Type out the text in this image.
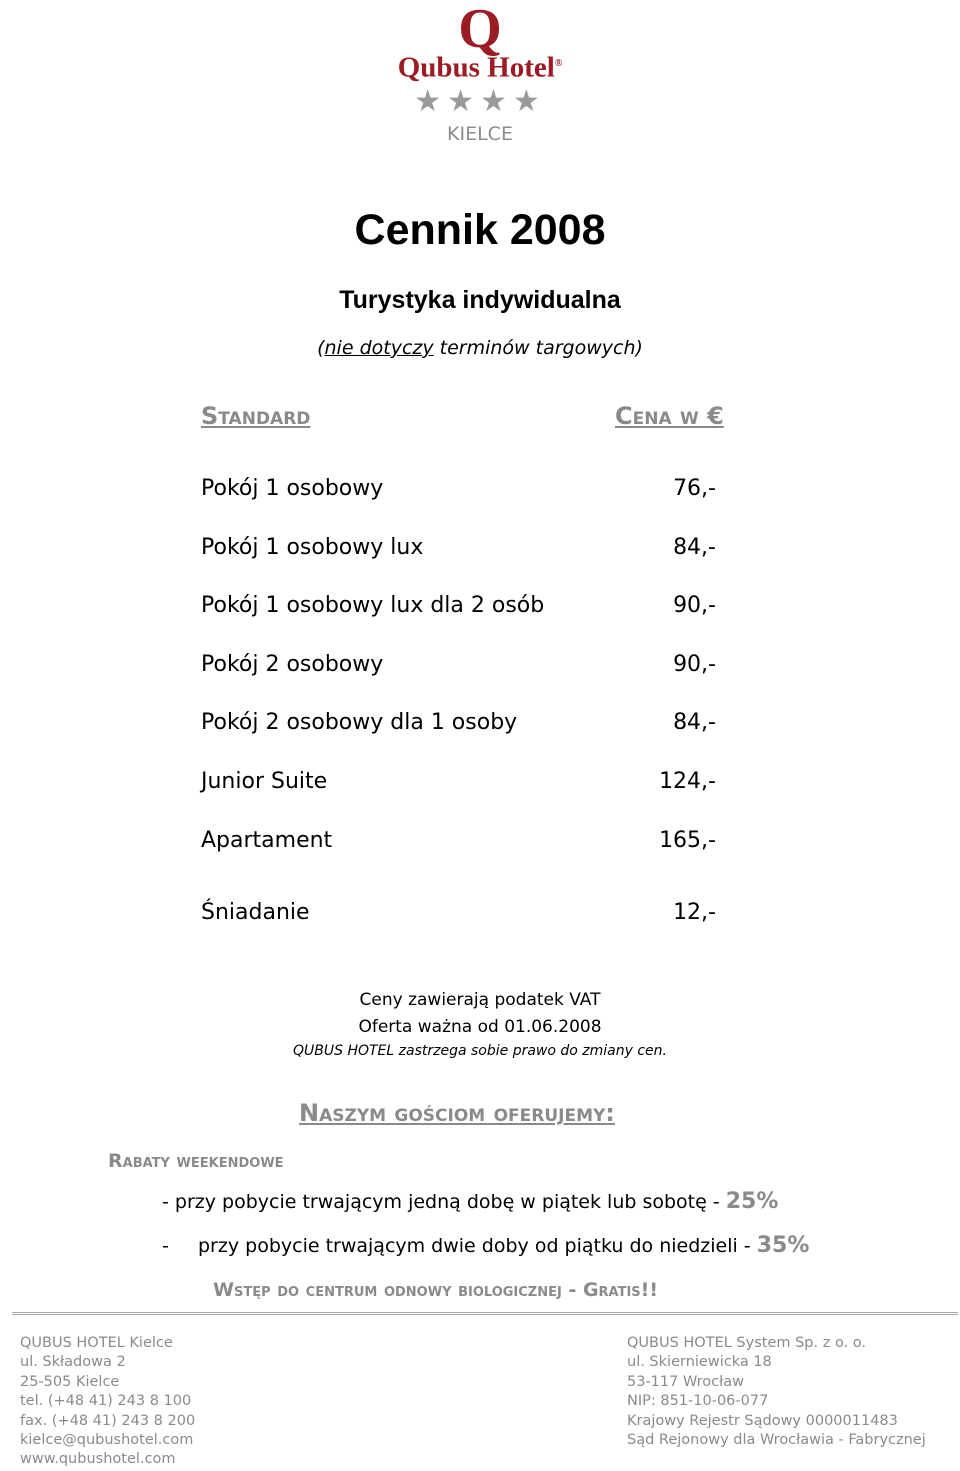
Q
Qubus Hotel®
★★★★
KIELCE
Cennik 2008
Turystyka indywidualna
(nie dotyczy terminów targowych)
Standard	Cena w €
Pokój 1 osobowy	76,-
Pokój 1 osobowy lux	84,-
Pokój 1 osobowy lux dla 2 osób	90,-
Pokój 2 osobowy	90,-
Pokój 2 osobowy dla 1 osoby	84,-
Junior Suite	124,-
Apartament	165,-
Śniadanie	12,-
Ceny zawierają podatek VAT
Oferta ważna od 01.06.2008
QUBUS HOTEL zastrzega sobie prawo do zmiany cen.
Naszym gościom oferujemy:
Rabaty weekendowe
- przy pobycie trwającym jedną dobę w piątek lub sobotę - 25%
- przy pobycie trwającym dwie doby od piątku do niedzieli - 35%
Wstęp do centrum odnowy biologicznej - Gratis!!
QUBUS HOTEL Kielce
ul. Składowa 2
25-505 Kielce
tel. (+48 41) 243 8 100
fax. (+48 41) 243 8 200
kielce@qubushotel.com
www.qubushotel.com
QUBUS HOTEL System Sp. z o. o.
ul. Skierniewicka 18
53-117 Wrocław
NIP: 851-10-06-077
Krajowy Rejestr Sądowy 0000011483
Sąd Rejonowy dla Wrocławia - Fabrycznej
